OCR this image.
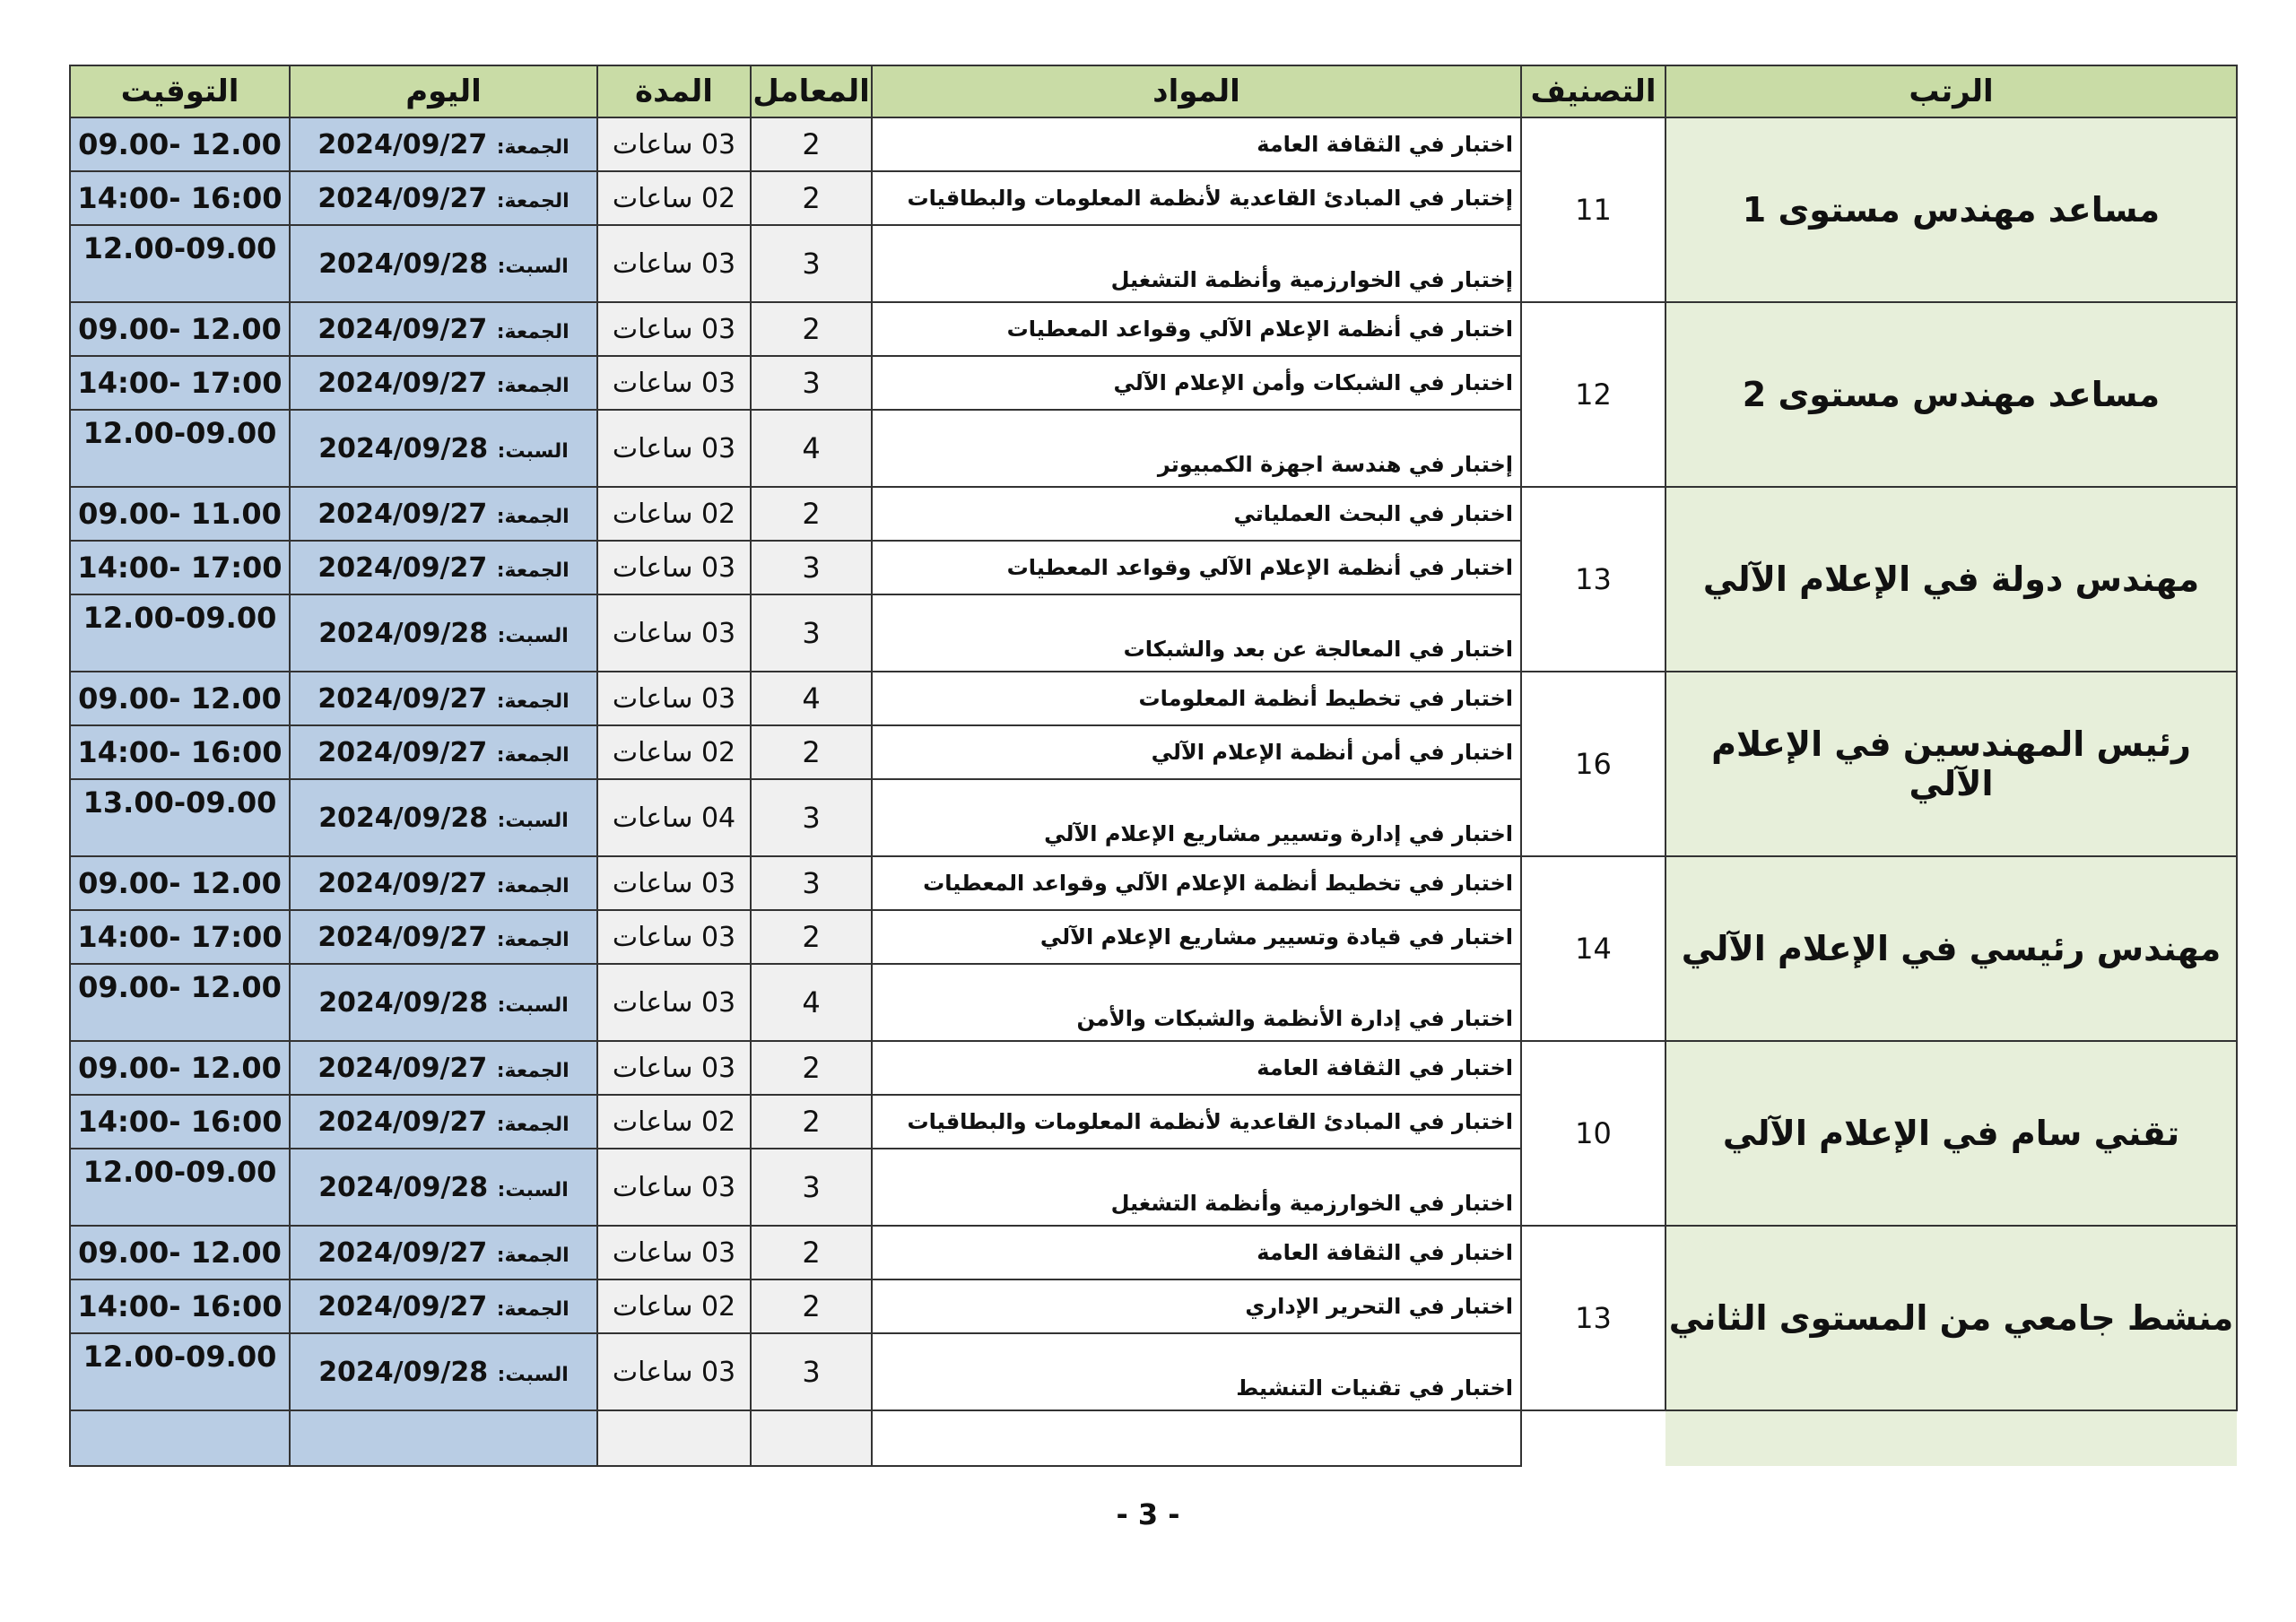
الرتب	التصنيف	المواد	المعامل	المدة	اليوم	التوقيت
مساعد مهندس مستوى 1	11	اختبار في الثقافة العامة	2	03 ساعات	الجمعة: 2024/09/27	12.00 -09.00
		إختبار في المبادئ القاعدية لأنظمة المعلومات والبطاقيات	2	02 ساعات	الجمعة: 2024/09/27	16:00 -14:00
		إختبار في الخوارزمية وأنظمة التشغيل	3	03 ساعات	السبت: 2024/09/28	12.00-09.00
مساعد مهندس مستوى 2	12	اختبار في أنظمة الإعلام الآلي وقواعد المعطيات	2	03 ساعات	الجمعة: 2024/09/27	12.00 -09.00
		اختبار في الشبكات وأمن الإعلام الآلي	3	03 ساعات	الجمعة: 2024/09/27	17:00 -14:00
		إختبار في هندسة اجهزة الكمبيوتر	4	03 ساعات	السبت: 2024/09/28	12.00-09.00
مهندس دولة في الإعلام الآلي	13	اختبار في البحث العملياتي	2	02 ساعات	الجمعة: 2024/09/27	11.00 -09.00
		اختبار في أنظمة الإعلام الآلي وقواعد المعطيات	3	03 ساعات	الجمعة: 2024/09/27	17:00 -14:00
		اختبار في المعالجة عن بعد والشبكات	3	03 ساعات	السبت: 2024/09/28	12.00-09.00
رئيس المهندسين في الإعلام الآلي	16	اختبار في تخطيط أنظمة المعلومات	4	03 ساعات	الجمعة: 2024/09/27	12.00 -09.00
		اختبار في أمن أنظمة الإعلام الآلي	2	02 ساعات	الجمعة: 2024/09/27	16:00 -14:00
		اختبار في إدارة وتسيير مشاريع الإعلام الآلي	3	04 ساعات	السبت: 2024/09/28	13.00-09.00
مهندس رئيسي في الإعلام الآلي	14	اختبار في تخطيط أنظمة الإعلام الآلي وقواعد المعطيات	3	03 ساعات	الجمعة: 2024/09/27	12.00 -09.00
		اختبار في قيادة وتسيير مشاريع الإعلام الآلي	2	03 ساعات	الجمعة: 2024/09/27	17:00 -14:00
		اختبار في إدارة الأنظمة والشبكات والأمن	4	03 ساعات	السبت: 2024/09/28	12.00 -09.00
تقني سام في الإعلام الآلي	10	اختبار في الثقافة العامة	2	03 ساعات	الجمعة: 2024/09/27	12.00 -09.00
		اختبار في المبادئ القاعدية لأنظمة المعلومات والبطاقيات	2	02 ساعات	الجمعة: 2024/09/27	16:00 -14:00
		اختبار في الخوارزمية وأنظمة التشغيل	3	03 ساعات	السبت: 2024/09/28	12.00-09.00
منشط جامعي من المستوى الثاني	13	اختبار في الثقافة العامة	2	03 ساعات	الجمعة: 2024/09/27	12.00 -09.00
		اختبار في التحرير الإداري	2	02 ساعات	الجمعة: 2024/09/27	16:00 -14:00
		اختبار في تقنيات التنشيط	3	03 ساعات	السبت: 2024/09/28	12.00-09.00

- 3 -
